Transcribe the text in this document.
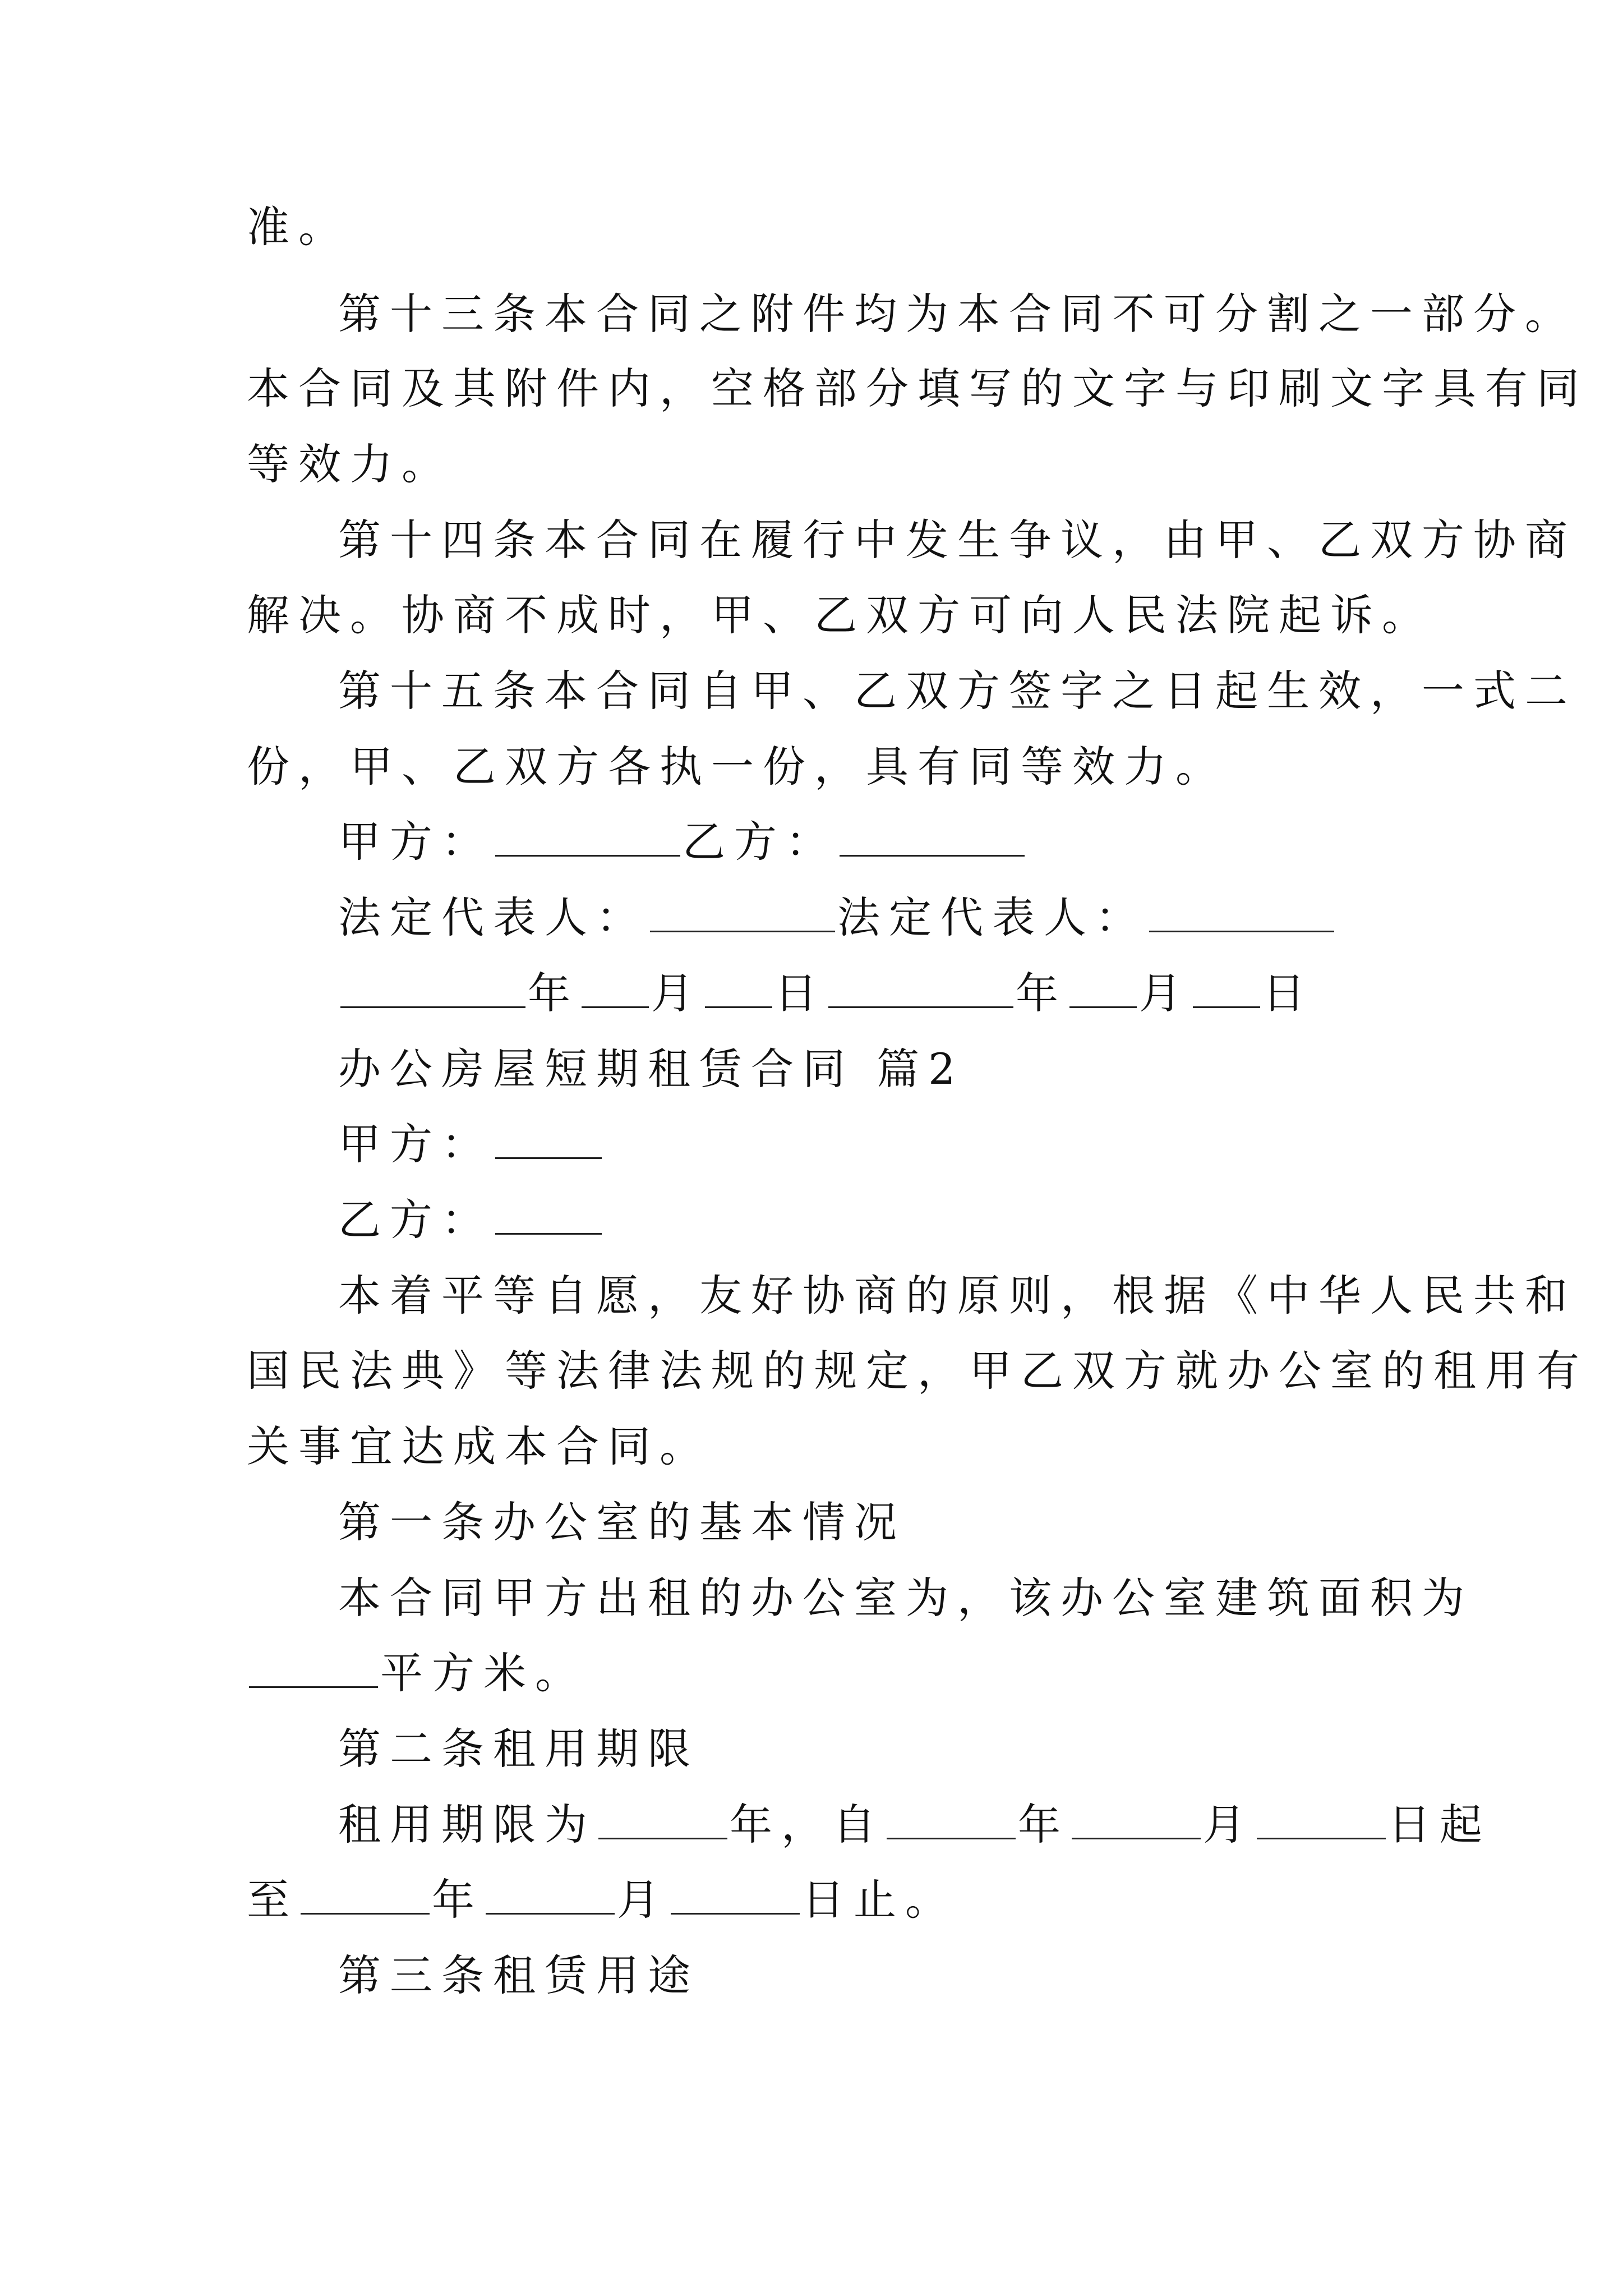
准。
第十三条本合同之附件均为本合同不可分割之一部分。
本合同及其附件内，空格部分填写的文字与印刷文字具有同
等效力。
第十四条本合同在履行中发生争议，由甲、乙双方协商
解决。协商不成时，甲、乙双方可向人民法院起诉。
第十五条本合同自甲、乙双方签字之日起生效，一式二
份，甲、乙双方各执一份，具有同等效力。
甲方：	乙方：
法定代表人：	法定代表人：
年 月 日	年 月 日
办公房屋短期租赁合同 篇2
甲方：
乙方：
本着平等自愿，友好协商的原则，根据《中华人民共和
国民法典》等法律法规的规定，甲乙双方就办公室的租用有
关事宜达成本合同。
第一条办公室的基本情况
本合同甲方出租的办公室为，该办公室建筑面积为
平方米。
第二条租用期限
租用期限为	年，自	年	月	日起
至	年	月	日止。
第三条租赁用途
